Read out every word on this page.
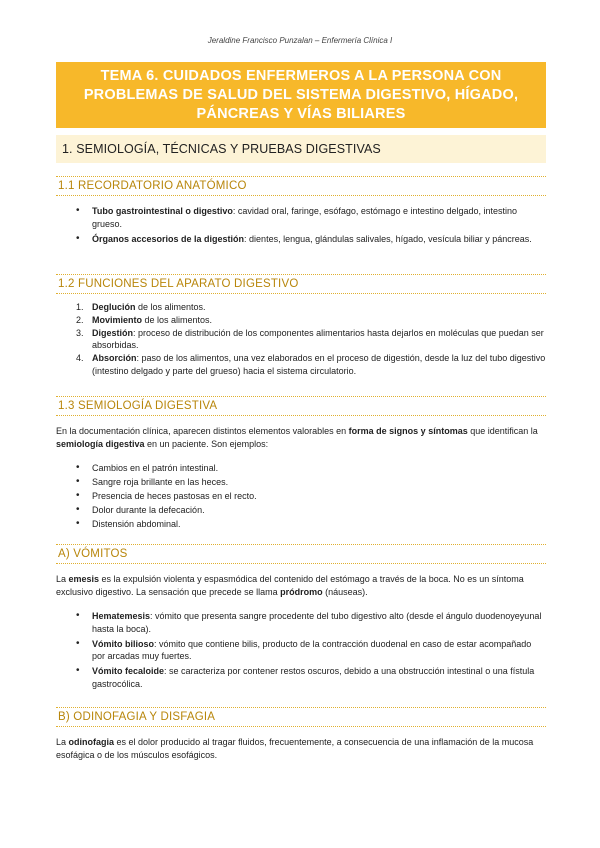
Jeraldine Francisco Punzalan – Enfermería Clínica I
TEMA 6. CUIDADOS ENFERMEROS A LA PERSONA CON
PROBLEMAS DE SALUD DEL SISTEMA DIGESTIVO, HÍGADO,
PÁNCREAS Y VÍAS BILIARES
1. SEMIOLOGÍA, TÉCNICAS Y PRUEBAS DIGESTIVAS
1.1 RECORDATORIO ANATÓMICO
• Tubo gastrointestinal o digestivo: cavidad oral, faringe, esófago, estómago e intestino delgado, intestino grueso.
• Órganos accesorios de la digestión: dientes, lengua, glándulas salivales, hígado, vesícula biliar y páncreas.
1.2 FUNCIONES DEL APARATO DIGESTIVO
1. Deglución de los alimentos.
2. Movimiento de los alimentos.
3. Digestión: proceso de distribución de los componentes alimentarios hasta dejarlos en moléculas que puedan ser absorbidas.
4. Absorción: paso de los alimentos, una vez elaborados en el proceso de digestión, desde la luz del tubo digestivo (intestino delgado y parte del grueso) hacia el sistema circulatorio.
1.3 SEMIOLOGÍA DIGESTIVA
En la documentación clínica, aparecen distintos elementos valorables en forma de signos y síntomas que identifican la semiología digestiva en un paciente. Son ejemplos:
• Cambios en el patrón intestinal.
• Sangre roja brillante en las heces.
• Presencia de heces pastosas en el recto.
• Dolor durante la defecación.
• Distensión abdominal.
A) VÓMITOS
La emesis es la expulsión violenta y espasmódica del contenido del estómago a través de la boca. No es un síntoma exclusivo digestivo. La sensación que precede se llama pródromo (náuseas).
• Hematemesis: vómito que presenta sangre procedente del tubo digestivo alto (desde el ángulo duodenoyeyunal hasta la boca).
• Vómito bilioso: vómito que contiene bilis, producto de la contracción duodenal en caso de estar acompañado por arcadas muy fuertes.
• Vómito fecaloide: se caracteriza por contener restos oscuros, debido a una obstrucción intestinal o una fístula gastrocólica.
B) ODINOFAGIA Y DISFAGIA
La odinofagia es el dolor producido al tragar fluidos, frecuentemente, a consecuencia de una inflamación de la mucosa esofágica o de los músculos esofágicos.
